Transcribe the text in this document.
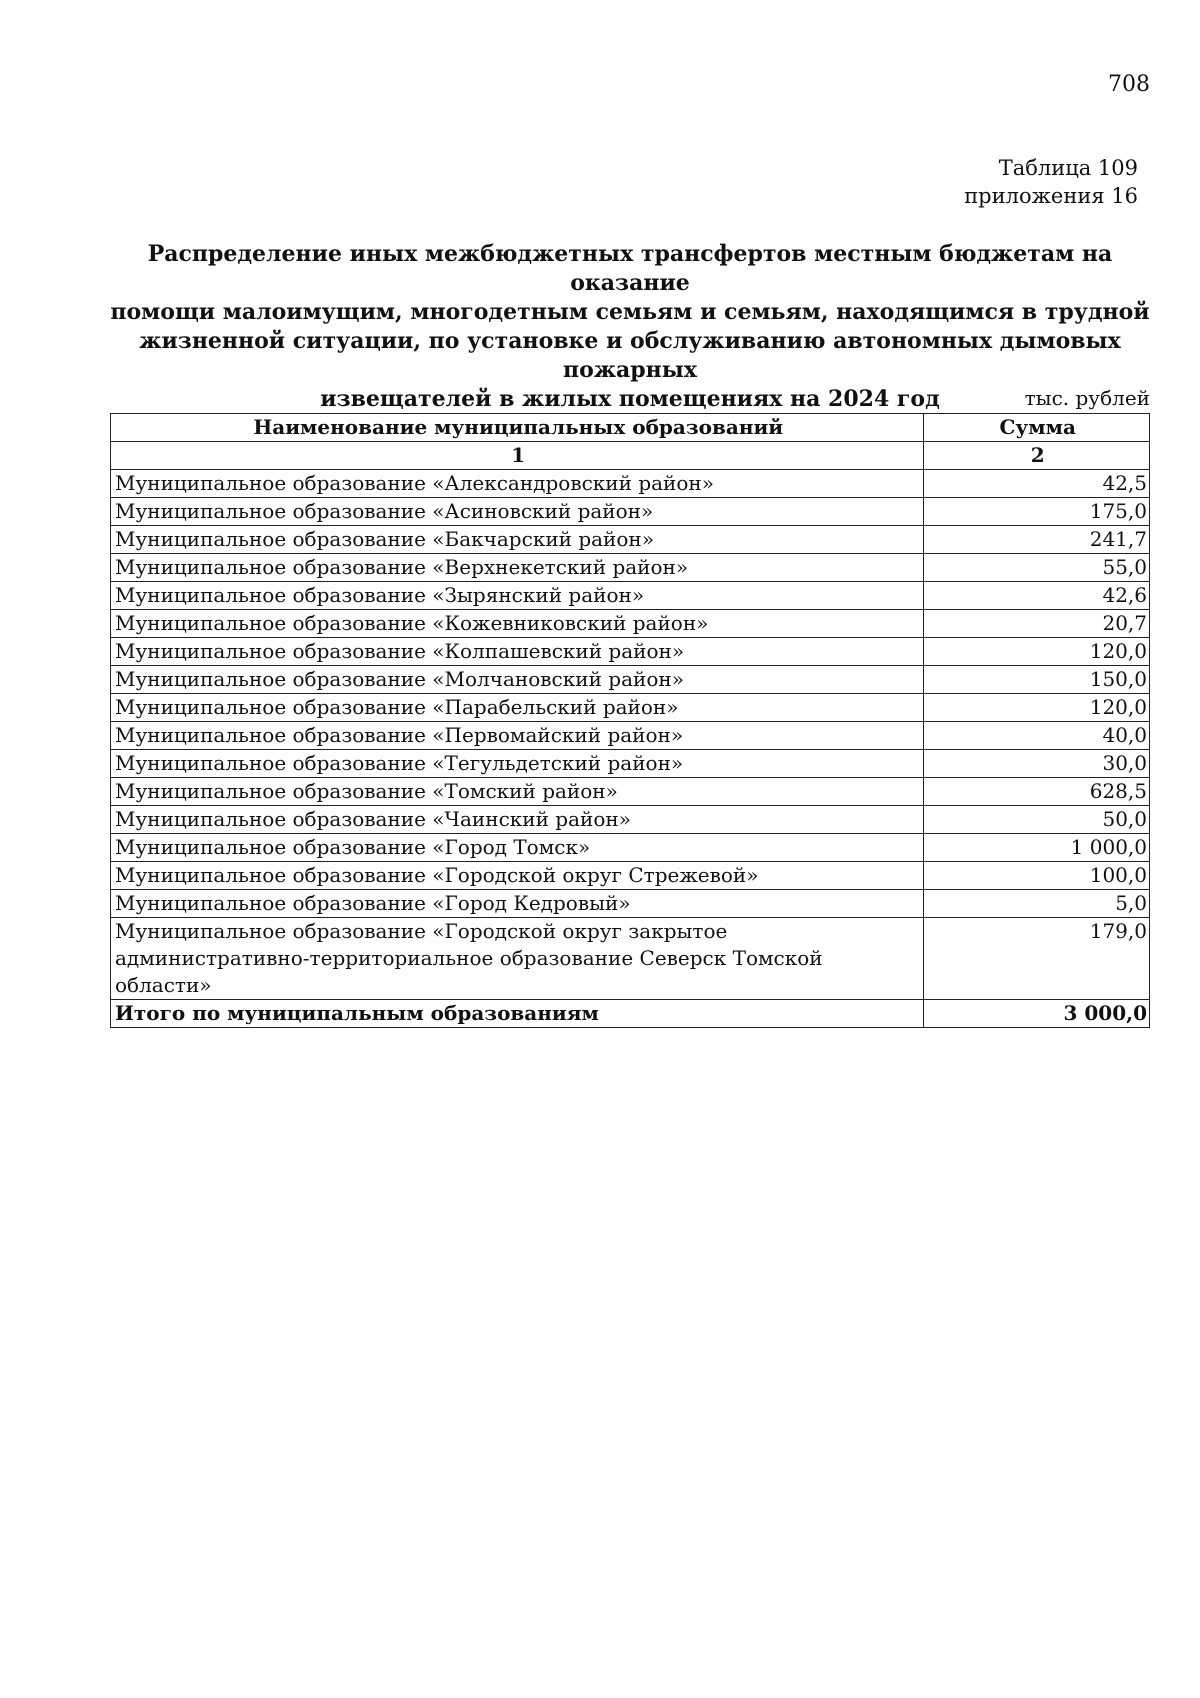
708
Таблица 109
приложения 16
Распределение иных межбюджетных трансфертов местным бюджетам на оказание
помощи малоимущим, многодетным семьям и семьям, находящимся в трудной
жизненной ситуации, по установке и обслуживанию автономных дымовых пожарных
извещателей в жилых помещениях на 2024 год	тыс. рублей
Наименование муниципальных образований	Сумма
1	2
Муниципальное образование «Александровский район»	42,5
Муниципальное образование «Асиновский район»	175,0
Муниципальное образование «Бакчарский район»	241,7
Муниципальное образование «Верхнекетский район»	55,0
Муниципальное образование «Зырянский район»	42,6
Муниципальное образование «Кожевниковский район»	20,7
Муниципальное образование «Колпашевский район»	120,0
Муниципальное образование «Молчановский район»	150,0
Муниципальное образование «Парабельский район»	120,0
Муниципальное образование «Первомайский район»	40,0
Муниципальное образование «Тегульдетский район»	30,0
Муниципальное образование «Томский район»	628,5
Муниципальное образование «Чаинский район»	50,0
Муниципальное образование «Город Томск»	1 000,0
Муниципальное образование «Городской округ Стрежевой»	100,0
Муниципальное образование «Город Кедровый»	5,0
Муниципальное образование «Городской округ закрытое административно-территориальное образование Северск Томской области»	179,0
Итого по муниципальным образованиям	3 000,0
